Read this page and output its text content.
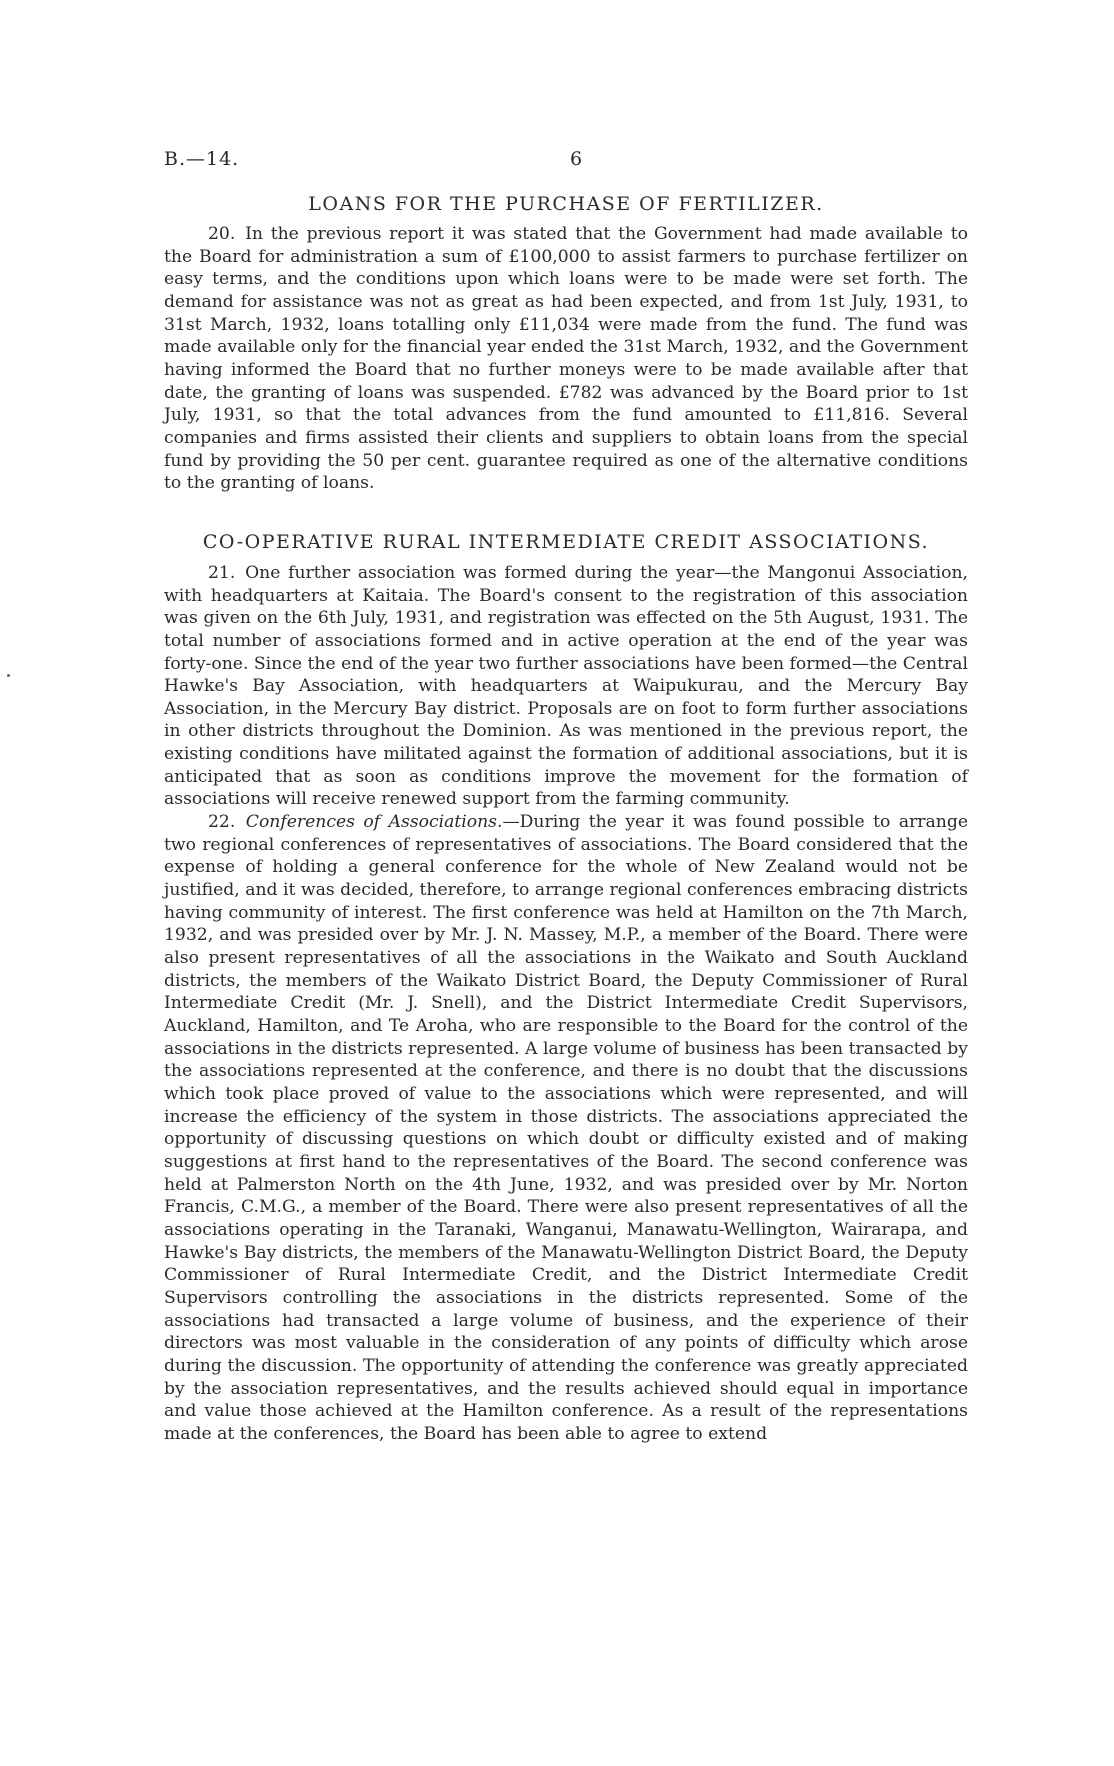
B.—14.	6
LOANS FOR THE PURCHASE OF FERTILIZER.

20. In the previous report it was stated that the Government had made available to the Board for administration a sum of £100,000 to assist farmers to purchase fertilizer on easy terms, and the conditions upon which loans were to be made were set forth. The demand for assistance was not as great as had been expected, and from 1st July, 1931, to 31st March, 1932, loans totalling only £11,034 were made from the fund. The fund was made available only for the financial year ended the 31st March, 1932, and the Government having informed the Board that no further moneys were to be made available after that date, the granting of loans was suspended. £782 was advanced by the Board prior to 1st July, 1931, so that the total advances from the fund amounted to £11,816. Several companies and firms assisted their clients and suppliers to obtain loans from the special fund by providing the 50 per cent. guarantee required as one of the alternative conditions to the granting of loans.

CO-OPERATIVE RURAL INTERMEDIATE CREDIT ASSOCIATIONS.

21. One further association was formed during the year—the Mangonui Association, with headquarters at Kaitaia. The Board's consent to the registration of this association was given on the 6th July, 1931, and registration was effected on the 5th August, 1931. The total number of associations formed and in active operation at the end of the year was forty-one. Since the end of the year two further associations have been formed—the Central Hawke's Bay Association, with headquarters at Waipukurau, and the Mercury Bay Association, in the Mercury Bay district. Proposals are on foot to form further associations in other districts throughout the Dominion. As was mentioned in the previous report, the existing conditions have militated against the formation of additional associations, but it is anticipated that as soon as conditions improve the movement for the formation of associations will receive renewed support from the farming community.

22. Conferences of Associations.—During the year it was found possible to arrange two regional conferences of representatives of associations. The Board considered that the expense of holding a general conference for the whole of New Zealand would not be justified, and it was decided, therefore, to arrange regional conferences embracing districts having community of interest. The first conference was held at Hamilton on the 7th March, 1932, and was presided over by Mr. J. N. Massey, M.P., a member of the Board. There were also present representatives of all the associations in the Waikato and South Auckland districts, the members of the Waikato District Board, the Deputy Commissioner of Rural Intermediate Credit (Mr. J. Snell), and the District Intermediate Credit Supervisors, Auckland, Hamilton, and Te Aroha, who are responsible to the Board for the control of the associations in the districts represented. A large volume of business has been transacted by the associations represented at the conference, and there is no doubt that the discussions which took place proved of value to the associations which were represented, and will increase the efficiency of the system in those districts. The associations appreciated the opportunity of discussing questions on which doubt or difficulty existed and of making suggestions at first hand to the representatives of the Board. The second conference was held at Palmerston North on the 4th June, 1932, and was presided over by Mr. Norton Francis, C.M.G., a member of the Board. There were also present representatives of all the associations operating in the Taranaki, Wanganui, Manawatu-Wellington, Wairarapa, and Hawke's Bay districts, the members of the Manawatu-Wellington District Board, the Deputy Commissioner of Rural Intermediate Credit, and the District Intermediate Credit Supervisors controlling the associations in the districts represented. Some of the associations had transacted a large volume of business, and the experience of their directors was most valuable in the consideration of any points of difficulty which arose during the discussion. The opportunity of attending the conference was greatly appreciated by the association representatives, and the results achieved should equal in importance and value those achieved at the Hamilton conference. As a result of the representations made at the conferences, the Board has been able to agree to extend
